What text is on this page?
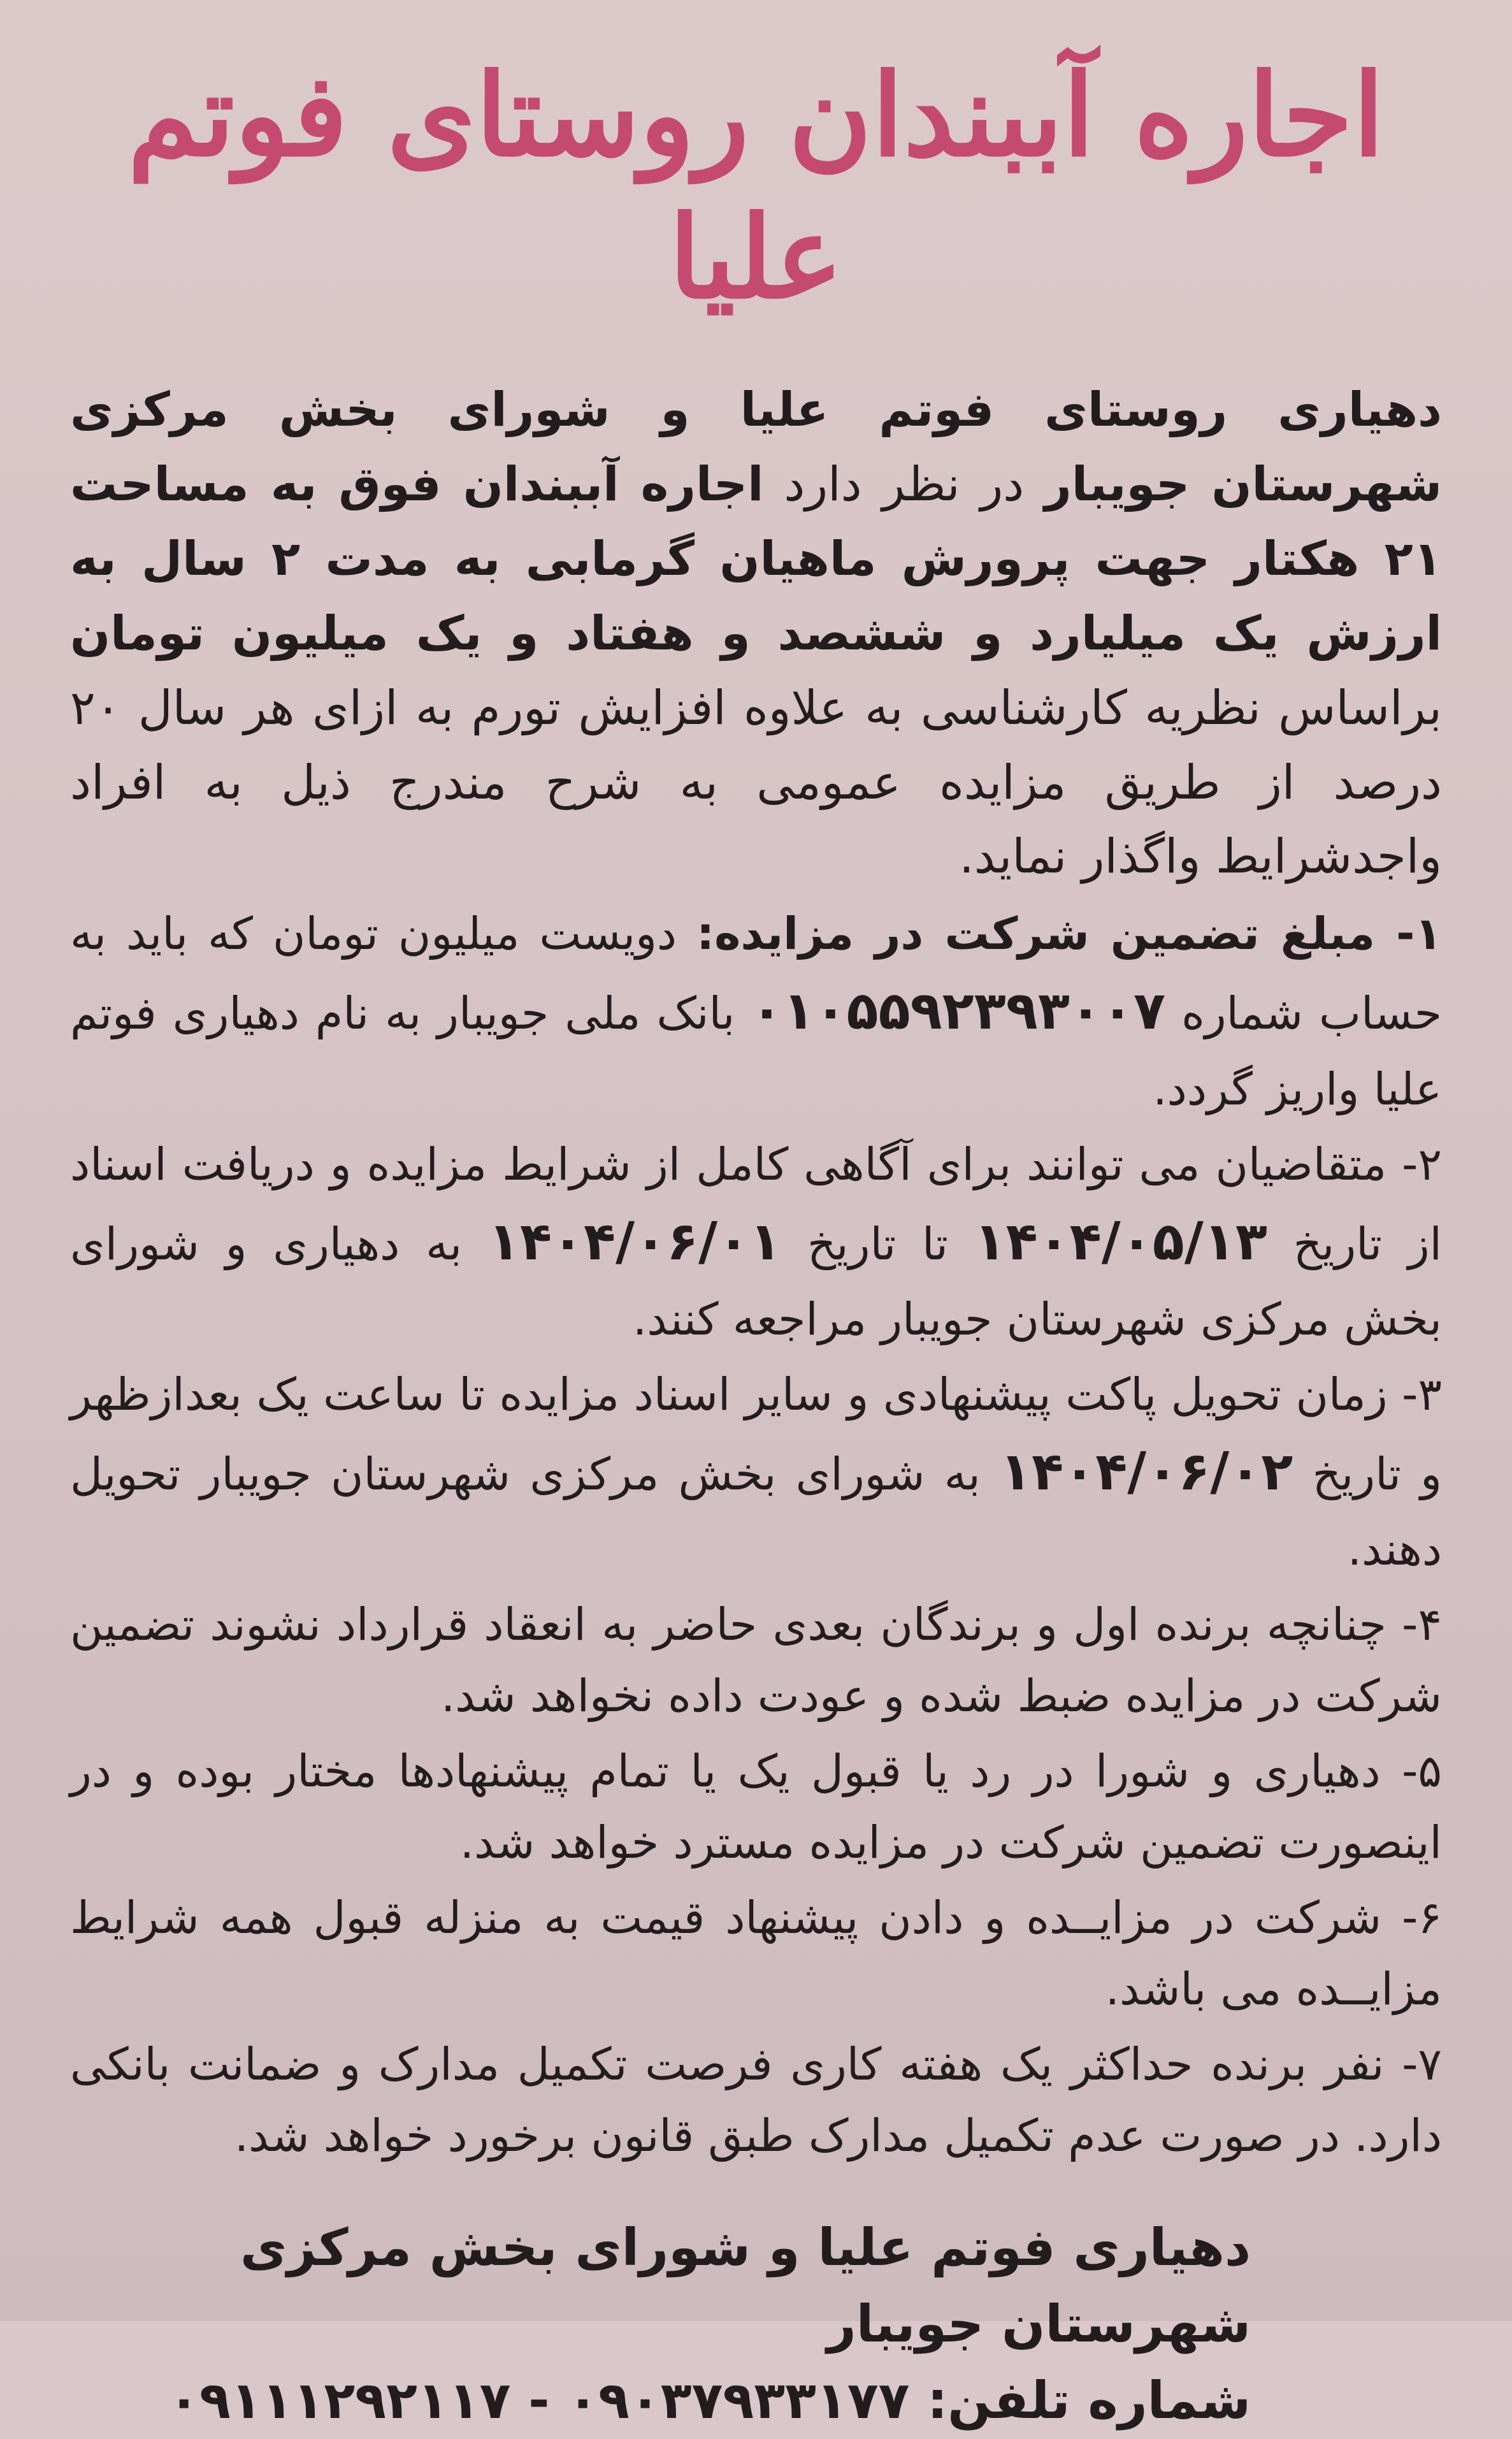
اجاره آببندان روستای فوتم علیا

دهیاری روستای فوتم علیا و شورای بخش مرکزی شهرستان جویبار در نظر دارد اجاره آببندان فوق به مساحت ۲۱ هکتار جهت پرورش ماهیان گرمابی به مدت ۲ سال به ارزش یک میلیارد و ششصد و هفتاد و یک میلیون تومان براساس نظریه کارشناسی به علاوه افزایش تورم به ازای هر سال ۲۰ درصد از طریق مزایده عمومی به شرح مندرج ذیل به افراد واجدشرایط واگذار نماید.

۱- مبلغ تضمین شرکت در مزایده: دویست میلیون تومان که باید به حساب شماره ۰۱۰۵۵۹۲۳۹۳۰۰۷ بانک ملی جویبار به نام دهیاری فوتم علیا واریز گردد.

۲- متقاضیان می توانند برای آگاهی کامل از شرایط مزایده و دریافت اسناد از تاریخ ۱۴۰۴/۰۵/۱۳ تا تاریخ ۱۴۰۴/۰۶/۰۱ به دهیاری و شورای بخش مرکزی شهرستان جویبار مراجعه کنند.

۳- زمان تحویل پاکت پیشنهادی و سایر اسناد مزایده تا ساعت یک بعدازظهر و تاریخ ۱۴۰۴/۰۶/۰۲ به شورای بخش مرکزی شهرستان جویبار تحویل دهند.

۴- چنانچه برنده اول و برندگان بعدی حاضر به انعقاد قرارداد نشوند تضمین شرکت در مزایده ضبط شده و عودت داده نخواهد شد.

۵- دهیاری و شورا در رد یا قبول یک یا تمام پیشنهادها مختار بوده و در اینصورت تضمین شرکت در مزایده مسترد خواهد شد.

۶- شرکت در مزایــده و دادن پیشنهاد قیمت به منزله قبول همه شرایط مزایــده می باشد.

۷- نفر برنده حداکثر یک هفته کاری فرصت تکمیل مدارک و ضمانت بانکی دارد. در صورت عدم تکمیل مدارک طبق قانون برخورد خواهد شد.

دهیاری فوتم علیا و شورای بخش مرکزی شهرستان جویبار
شماره تلفن: ۰۹۰۳۷۹۳۳۱۷۷ - ۰۹۱۱۱۲۹۲۱۱۷
